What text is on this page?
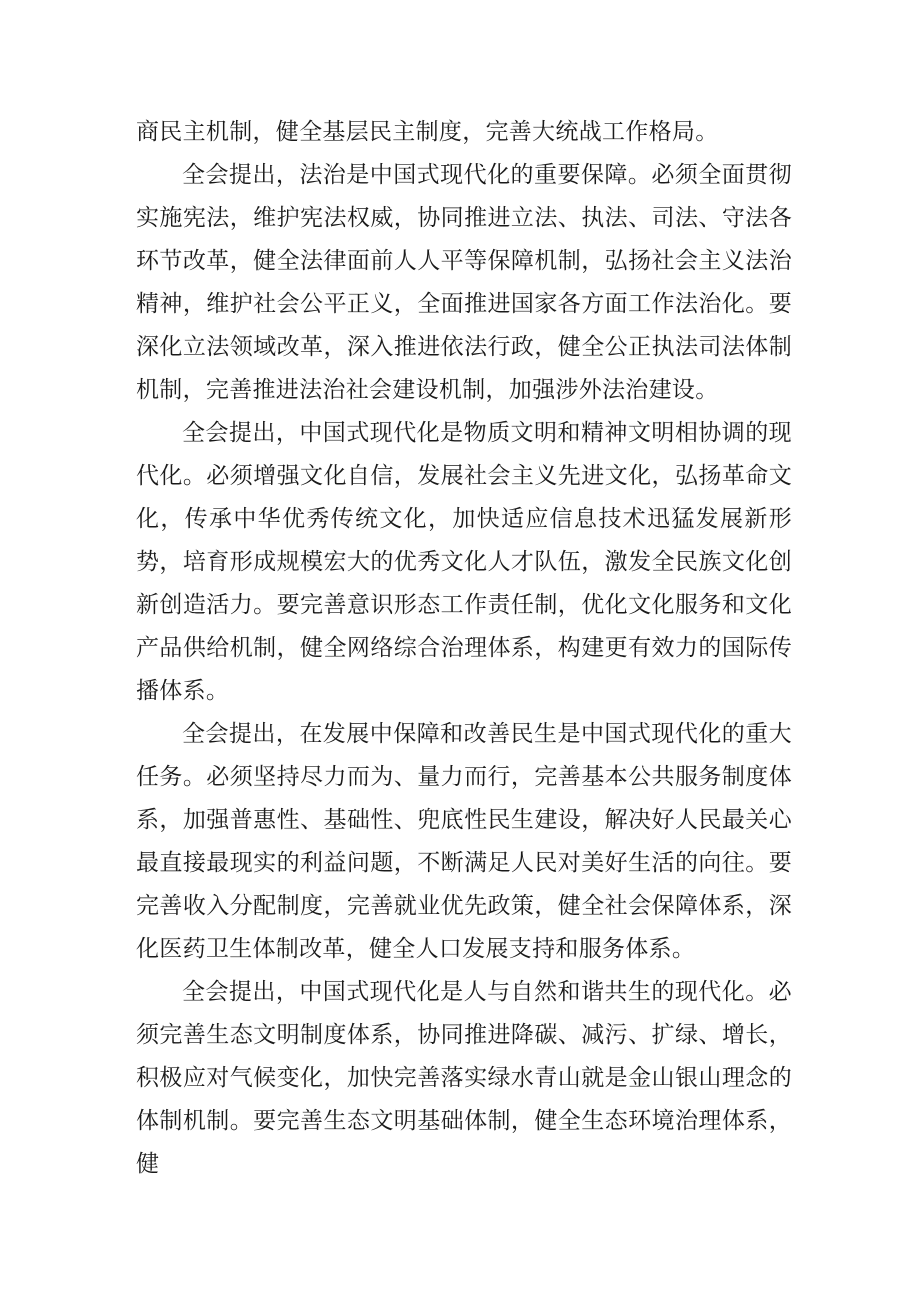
商民主机制，健全基层民主制度，完善大统战工作格局。

全会提出，法治是中国式现代化的重要保障。必须全面贯彻实施宪法，维护宪法权威，协同推进立法、执法、司法、守法各环节改革，健全法律面前人人平等保障机制，弘扬社会主义法治精神，维护社会公平正义，全面推进国家各方面工作法治化。要深化立法领域改革，深入推进依法行政，健全公正执法司法体制机制，完善推进法治社会建设机制，加强涉外法治建设。

全会提出，中国式现代化是物质文明和精神文明相协调的现代化。必须增强文化自信，发展社会主义先进文化，弘扬革命文化，传承中华优秀传统文化，加快适应信息技术迅猛发展新形势，培育形成规模宏大的优秀文化人才队伍，激发全民族文化创新创造活力。要完善意识形态工作责任制，优化文化服务和文化产品供给机制，健全网络综合治理体系，构建更有效力的国际传播体系。

全会提出，在发展中保障和改善民生是中国式现代化的重大任务。必须坚持尽力而为、量力而行，完善基本公共服务制度体系，加强普惠性、基础性、兜底性民生建设，解决好人民最关心最直接最现实的利益问题，不断满足人民对美好生活的向往。要完善收入分配制度，完善就业优先政策，健全社会保障体系，深化医药卫生体制改革，健全人口发展支持和服务体系。

全会提出，中国式现代化是人与自然和谐共生的现代化。必须完善生态文明制度体系，协同推进降碳、减污、扩绿、增长，积极应对气候变化，加快完善落实绿水青山就是金山银山理念的体制机制。要完善生态文明基础体制，健全生态环境治理体系，健
